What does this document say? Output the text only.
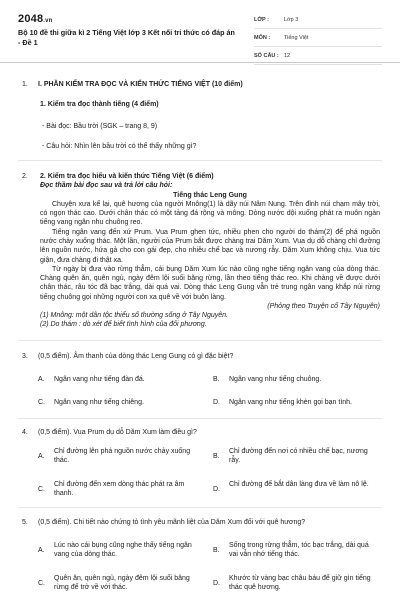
2048.vn
Bộ 10 đề thi giữa kì 2 Tiếng Việt lớp 3 Kết nối tri thức có đáp án - Đề 1
LỚP :	Lớp 3
MÔN :	Tiếng Việt
SỐ CÂU : 12
1. I. PHẦN KIỂM TRA ĐỌC VÀ KIẾN THỨC TIẾNG VIỆT (10 điểm)
1. Kiểm tra đọc thành tiếng (4 điểm)
- Bài đọc: Bầu trời (SGK – trang 8, 9)
- Câu hỏi: Nhìn lên bầu trời có thể thấy những gì?
2. 2. Kiểm tra đọc hiểu và kiến thức Tiếng Việt (6 điểm)
Đọc thầm bài đọc sau và trả lời câu hỏi:
Tiếng thác Leng Gung
Chuyện xưa kể lại, quê hương của người Mnông(1) là dãy núi Nâm Nung. Trên đỉnh núi chạm mây trời, có ngọn thác cao. Dưới chân thác có một tảng đá rộng và mông. Dòng nước dội xuống phát ra muôn ngàn tiếng vang ngân nhu chuông reo.
Tiếng ngân vang đến xứ Prum. Vua Prum ghen tức, nhiều phen cho người do thám(2) để phá nguồn nước chảy xuống thác. Một lần, người của Prum bắt được chàng trai Dăm Xum. Vua dụ dỗ chàng chỉ đường lên nguồn nước, hứa gả cho con gái đẹp, cho nhiều chế bạc và nương rẫy. Dăm Xum không chịu. Vua tức giận, đưa chàng đi thật xa.
Từ ngày bị đưa vào rừng thẳm, cái bụng Dăm Xum lúc nào cũng nghe tiếng ngân vang của dòng thác. Chàng quên ăn, quên ngủ, ngày đêm lội suối băng rừng, lần theo tiếng thác reo. Khi chàng về được dưới chân thác, râu tóc đã bạc trắng, dài quá vai. Dòng thác Leng Gung vẫn trẻ trung ngân vang khắp núi rừng tiếng chuông gọi những người con xa quê về với buôn làng.
(Phỏng theo Truyện cổ Tây Nguyên)
(1) Mnông: một dân tộc thiểu số thường sống ở Tây Nguyên.
(2) Do thám : dò xét để biết tình hình của đối phương.
3. (0,5 điểm). Âm thanh của dòng thác Leng Gung có gì đặc biệt?
A.	Ngân vang như tiếng đàn đá.	B.	Ngân vang như tiếng chuông.
C.	Ngân vang như tiếng chiêng.	D.	Ngân vang như tiếng khèn gọi bạn tình.
4. (0,5 điểm). Vua Prum dụ dỗ Dăm Xum làm điều gì?
A.
Chỉ đường lên phá nguồn nước chảy xuống thác.
B.
Chỉ đường đến nơi có nhiều chế bạc, nương rẫy.
C.
Chỉ đường đến xem dòng thác phát ra âm thanh.
D.
Chỉ đường để bắt dân làng đưa về làm nô lệ.
5. (0,5 điểm). Chi tiết nào chứng tỏ tình yêu mãnh liệt của Dăm Xum đối với quê hương?
A.
Lúc nào cái bụng cũng nghe thấy tiếng ngân vang của dòng thác.
B.
Sống trong rừng thẳm, tóc bạc trắng, dài quá vai vẫn nhớ tiếng thác.
C.
Quên ăn, quên ngủ, ngày đêm lội suối băng rừng để trở về với thác.
D.
Khước từ vàng bạc châu báu để giữ gìn tiếng thác quê hương.
